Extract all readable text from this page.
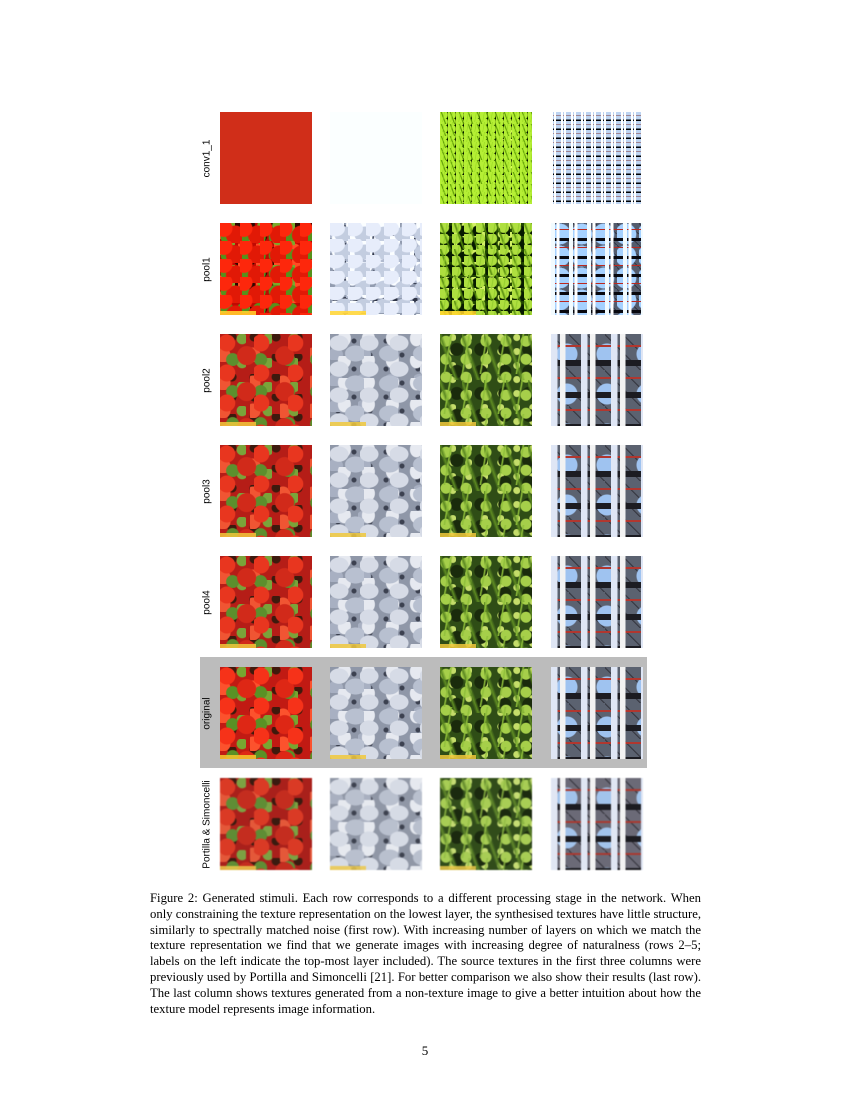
conv1_1
pool1
pool2
pool3
pool4
original
Portilla & Simoncelli

Figure 2: Generated stimuli. Each row corresponds to a different processing stage in the network. When only constraining the texture representation on the lowest layer, the synthesised textures have little structure, similarly to spectrally matched noise (first row). With increasing number of layers on which we match the texture representation we find that we generate images with increasing degree of naturalness (rows 2–5; labels on the left indicate the top-most layer included). The source textures in the first three columns were previously used by Portilla and Simoncelli [21]. For better comparison we also show their results (last row). The last column shows textures generated from a non-texture image to give a better intuition about how the texture model represents image information.

5
